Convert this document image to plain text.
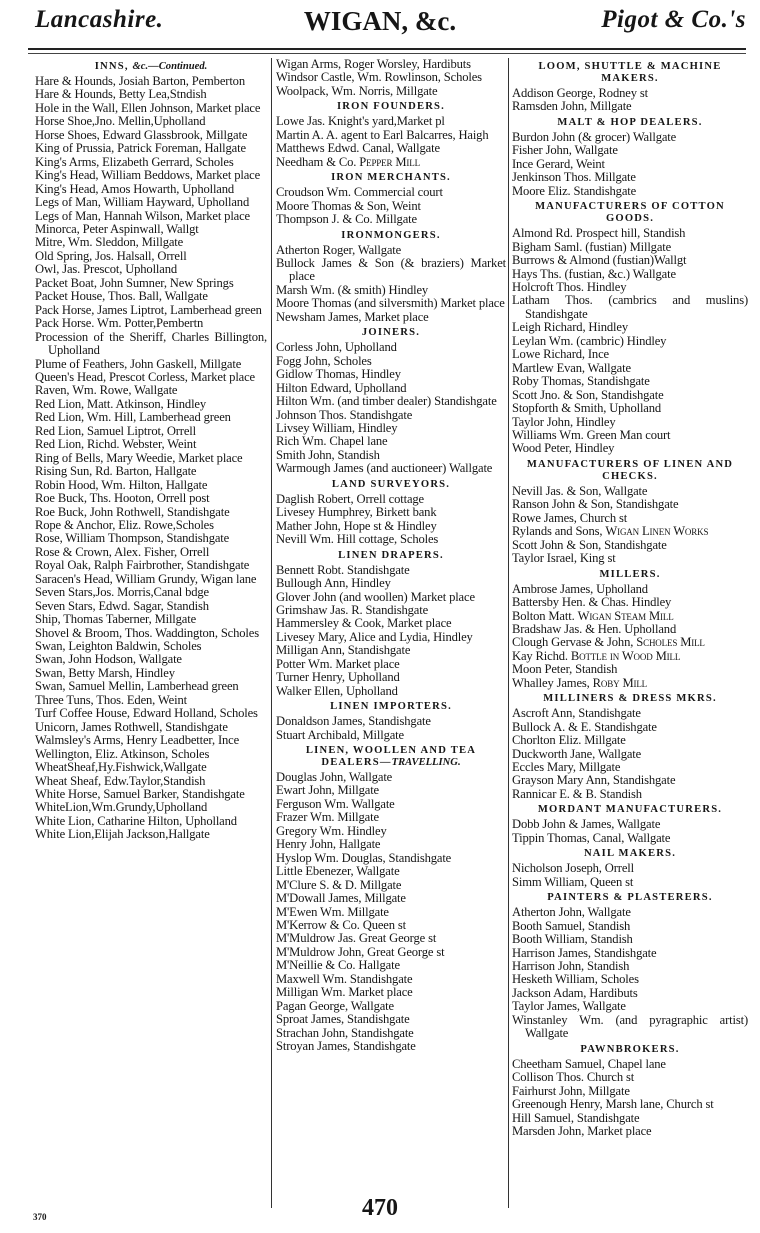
Lancashire.	WIGAN, &c.	Pigot & Co.'s
INNS, &c.—Continued.
Hare & Hounds, Josiah Barton, Pemberton
Hare & Hounds, Betty Lea,Stndish
Hole in the Wall, Ellen Johnson, Market place
Horse Shoe,Jno. Mellin,Upholland
Horse Shoes, Edward Glassbrook, Millgate
King of Prussia, Patrick Foreman, Hallgate
King's Arms, Elizabeth Gerrard, Scholes
King's Head, William Beddows, Market place
King's Head, Amos Howarth, Upholland
Legs of Man, William Hayward, Upholland
Legs of Man, Hannah Wilson, Market place
Minorca, Peter Aspinwall, Wallgt
Mitre, Wm. Sleddon, Millgate
Old Spring, Jos. Halsall, Orrell
Owl, Jas. Prescot, Upholland
Packet Boat, John Sumner, New Springs
Packet House, Thos. Ball, Wallgate
Pack Horse, James Liptrot, Lamberhead green
Pack Horse. Wm. Potter,Pembertn
Procession of the Sheriff, Charles Billington, Upholland
Plume of Feathers, John Gaskell, Millgate
Queen's Head, Prescot Corless, Market place
Raven, Wm. Rowe, Wallgate
Red Lion, Matt. Atkinson, Hindley
Red Lion, Wm. Hill, Lamberhead green
Red Lion, Samuel Liptrot, Orrell
Red Lion, Richd. Webster, Weint
Ring of Bells, Mary Weedie, Market place
Rising Sun, Rd. Barton, Hallgate
Robin Hood, Wm. Hilton, Hallgate
Roe Buck, Ths. Hooton, Orrell post
Roe Buck, John Rothwell, Standishgate
Rope & Anchor, Eliz. Rowe,Scholes
Rose, William Thompson, Standishgate
Rose & Crown, Alex. Fisher, Orrell
Royal Oak, Ralph Fairbrother, Standishgate
Saracen's Head, William Grundy, Wigan lane
Seven Stars,Jos. Morris,Canal bdge
Seven Stars, Edwd. Sagar, Standish
Ship, Thomas Taberner, Millgate
Shovel & Broom, Thos. Waddington, Scholes
Swan, Leighton Baldwin, Scholes
Swan, John Hodson, Wallgate
Swan, Betty Marsh, Hindley
Swan, Samuel Mellin, Lamberhead green
Three Tuns, Thos. Eden, Weint
Turf Coffee House, Edward Holland, Scholes
Unicorn, James Rothwell, Standishgate
Walmsley's Arms, Henry Leadbetter, Ince
Wellington, Eliz. Atkinson, Scholes
WheatSheaf,Hy.Fishwick,Wallgate
Wheat Sheaf, Edw.Taylor,Standish
White Horse, Samuel Barker, Standishgate
WhiteLion,Wm.Grundy,Upholland
White Lion, Catharine Hilton, Upholland
White Lion,Elijah Jackson,Hallgate
Wigan Arms, Roger Worsley, Hardibuts
Windsor Castle, Wm. Rowlinson, Scholes
Woolpack, Wm. Norris, Millgate
IRON FOUNDERS.
Lowe Jas. Knight's yard,Market pl
Martin A. A. agent to Earl Balcarres, Haigh
Matthews Edwd. Canal, Wallgate
Needham & Co. Pepper Mill
IRON MERCHANTS.
Croudson Wm. Commercial court
Moore Thomas & Son, Weint
Thompson J. & Co. Millgate
IRONMONGERS.
Atherton Roger, Wallgate
Bullock James & Son (& braziers) Market place
Marsh Wm. (& smith) Hindley
Moore Thomas (and silversmith) Market place
Newsham James, Market place
JOINERS.
Corless John, Upholland
Fogg John, Scholes
Gidlow Thomas, Hindley
Hilton Edward, Upholland
Hilton Wm. (and timber dealer) Standishgate
Johnson Thos. Standishgate
Livsey William, Hindley
Rich Wm. Chapel lane
Smith John, Standish
Warmough James (and auctioneer) Wallgate
LAND SURVEYORS.
Daglish Robert, Orrell cottage
Livesey Humphrey, Birkett bank
Mather John, Hope st & Hindley
Nevill Wm. Hill cottage, Scholes
LINEN DRAPERS.
Bennett Robt. Standishgate
Bullough Ann, Hindley
Glover John (and woollen) Market place
Grimshaw Jas. R. Standishgate
Hammersley & Cook, Market place
Livesey Mary, Alice and Lydia, Hindley
Milligan Ann, Standishgate
Potter Wm. Market place
Turner Henry, Upholland
Walker Ellen, Upholland
LINEN IMPORTERS.
Donaldson James, Standishgate
Stuart Archibald, Millgate
LINEN, WOOLLEN AND TEA DEALERS—TRAVELLING.
Douglas John, Wallgate
Ewart John, Millgate
Ferguson Wm. Wallgate
Frazer Wm. Millgate
Gregory Wm. Hindley
Henry John, Hallgate
Hyslop Wm. Douglas, Standishgate
Little Ebenezer, Wallgate
M'Clure S. & D. Millgate
M'Dowall James, Millgate
M'Ewen Wm. Millgate
M'Kerrow & Co. Queen st
M'Muldrow Jas. Great George st
M'Muldrow John, Great George st
M'Neillie & Co. Hallgate
Maxwell Wm. Standishgate
Milligan Wm. Market place
Pagan George, Wallgate
Sproat James, Standishgate
Strachan John, Standishgate
Stroyan James, Standishgate
LOOM, SHUTTLE & MACHINE MAKERS.
Addison George, Rodney st
Ramsden John, Millgate
MALT & HOP DEALERS.
Burdon John (& grocer) Wallgate
Fisher John, Wallgate
Ince Gerard, Weint
Jenkinson Thos. Millgate
Moore Eliz. Standishgate
MANUFACTURERS OF COTTON GOODS.
Almond Rd. Prospect hill, Standish
Bigham Saml. (fustian) Millgate
Burrows & Almond (fustian)Wallgt
Hays Ths. (fustian, &c.) Wallgate
Holcroft Thos. Hindley
Latham Thos. (cambrics and muslins) Standishgate
Leigh Richard, Hindley
Leylan Wm. (cambric) Hindley
Lowe Richard, Ince
Martlew Evan, Wallgate
Roby Thomas, Standishgate
Scott Jno. & Son, Standishgate
Stopforth & Smith, Upholland
Taylor John, Hindley
Williams Wm. Green Man court
Wood Peter, Hindley
MANUFACTURERS OF LINEN AND CHECKS.
Nevill Jas. & Son, Wallgate
Ranson John & Son, Standishgate
Rowe James, Church st
Rylands and Sons, Wigan Linen Works
Scott John & Son, Standishgate
Taylor Israel, King st
MILLERS.
Ambrose James, Upholland
Battersby Hen. & Chas. Hindley
Bolton Matt. Wigan Steam Mill
Bradshaw Jas. & Hen. Upholland
Clough Gervase & John, Scholes Mill
Kay Richd. Bottle in Wood Mill
Moon Peter, Standish
Whalley James, Roby Mill
MILLINERS & DRESS MKRS.
Ascroft Ann, Standishgate
Bullock A. & E. Standishgate
Chorlton Eliz. Millgate
Duckworth Jane, Wallgate
Eccles Mary, Millgate
Grayson Mary Ann, Standishgate
Rannicar E. & B. Standish
MORDANT MANUFACTURERS.
Dobb John & James, Wallgate
Tippin Thomas, Canal, Wallgate
NAIL MAKERS.
Nicholson Joseph, Orrell
Simm William, Queen st
PAINTERS & PLASTERERS.
Atherton John, Wallgate
Booth Samuel, Standish
Booth William, Standish
Harrison James, Standishgate
Harrison John, Standish
Hesketh William, Scholes
Jackson Adam, Hardibuts
Taylor James, Wallgate
Winstanley Wm. (and pyragraphic artist) Wallgate
PAWNBROKERS.
Cheetham Samuel, Chapel lane
Collison Thos. Church st
Fairhurst John, Millgate
Greenough Henry, Marsh lane, Church st
Hill Samuel, Standishgate
Marsden John, Market place
470
370
